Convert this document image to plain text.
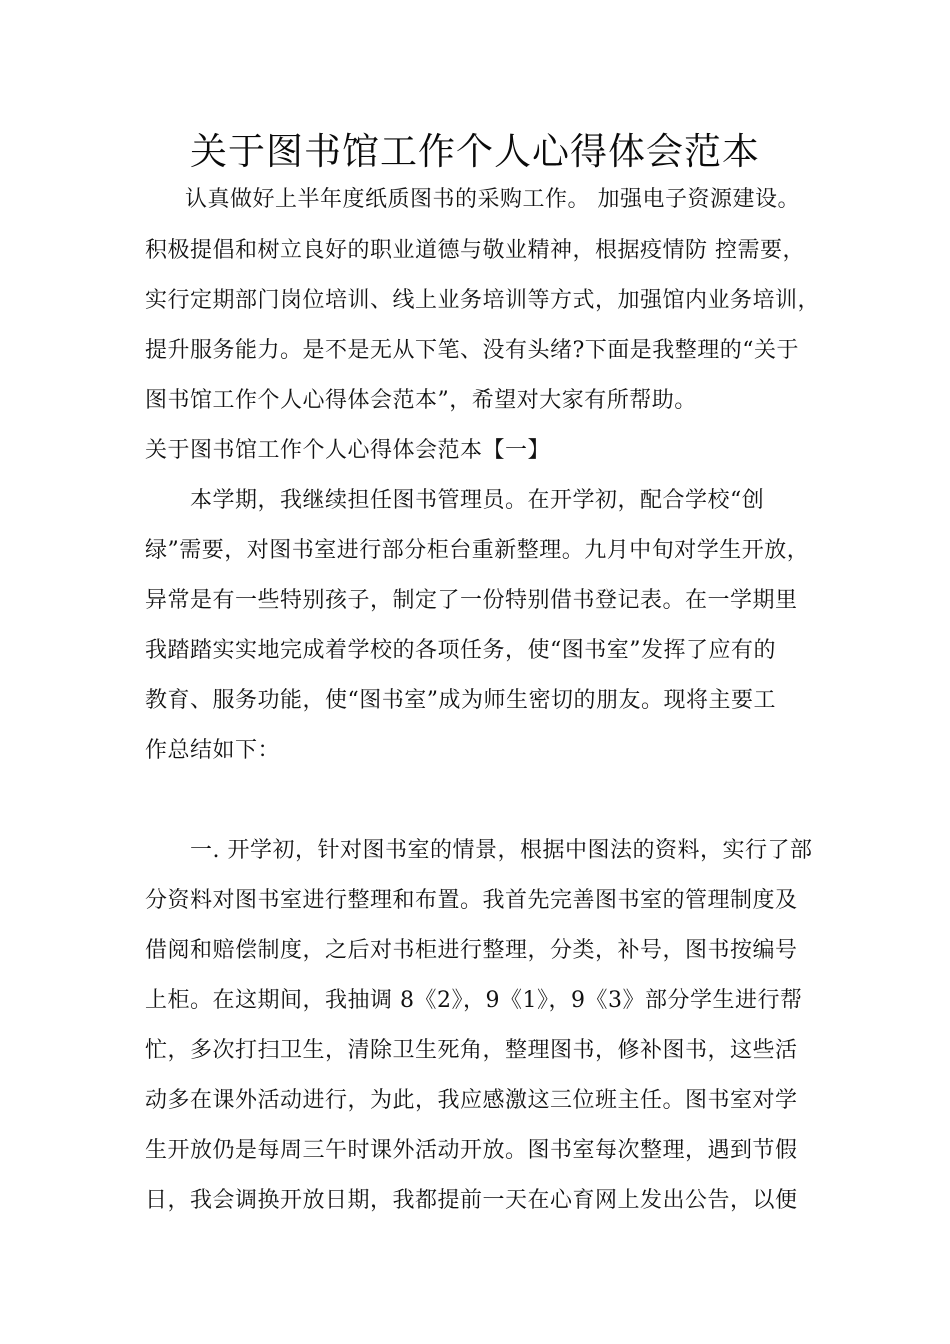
关于图书馆工作个人心得体会范本
认真做好上半年度纸质图书的采购工作。 加强电子资源建设。
积极提倡和树立良好的职业道德与敬业精神，根据疫情防 控需要，
实行定期部门岗位培训、线上业务培训等方式，加强馆内业务培训，
提升服务能力。是不是无从下笔、没有头绪?下面是我整理的“关于
图书馆工作个人心得体会范本”，希望对大家有所帮助。
关于图书馆工作个人心得体会范本【一】
本学期，我继续担任图书管理员。在开学初，配合学校“创
绿”需要，对图书室进行部分柜台重新整理。九月中旬对学生开放，
异常是有一些特别孩子，制定了一份特别借书登记表。在一学期里
我踏踏实实地完成着学校的各项任务，使“图书室”发挥了应有的
教育、服务功能，使“图书室”成为师生密切的朋友。现将主要工
作总结如下：
一. 开学初，针对图书室的情景，根据中图法的资料，实行了部
分资料对图书室进行整理和布置。我首先完善图书室的管理制度及
借阅和赔偿制度，之后对书柜进行整理，分类，补号，图书按编号
上柜。在这期间，我抽调 8《2》，9《1》，9《3》部分学生进行帮
忙，多次打扫卫生，清除卫生死角，整理图书，修补图书，这些活
动多在课外活动进行，为此，我应感激这三位班主任。图书室对学
生开放仍是每周三午时课外活动开放。图书室每次整理，遇到节假
日，我会调换开放日期，我都提前一天在心育网上发出公告，以便
